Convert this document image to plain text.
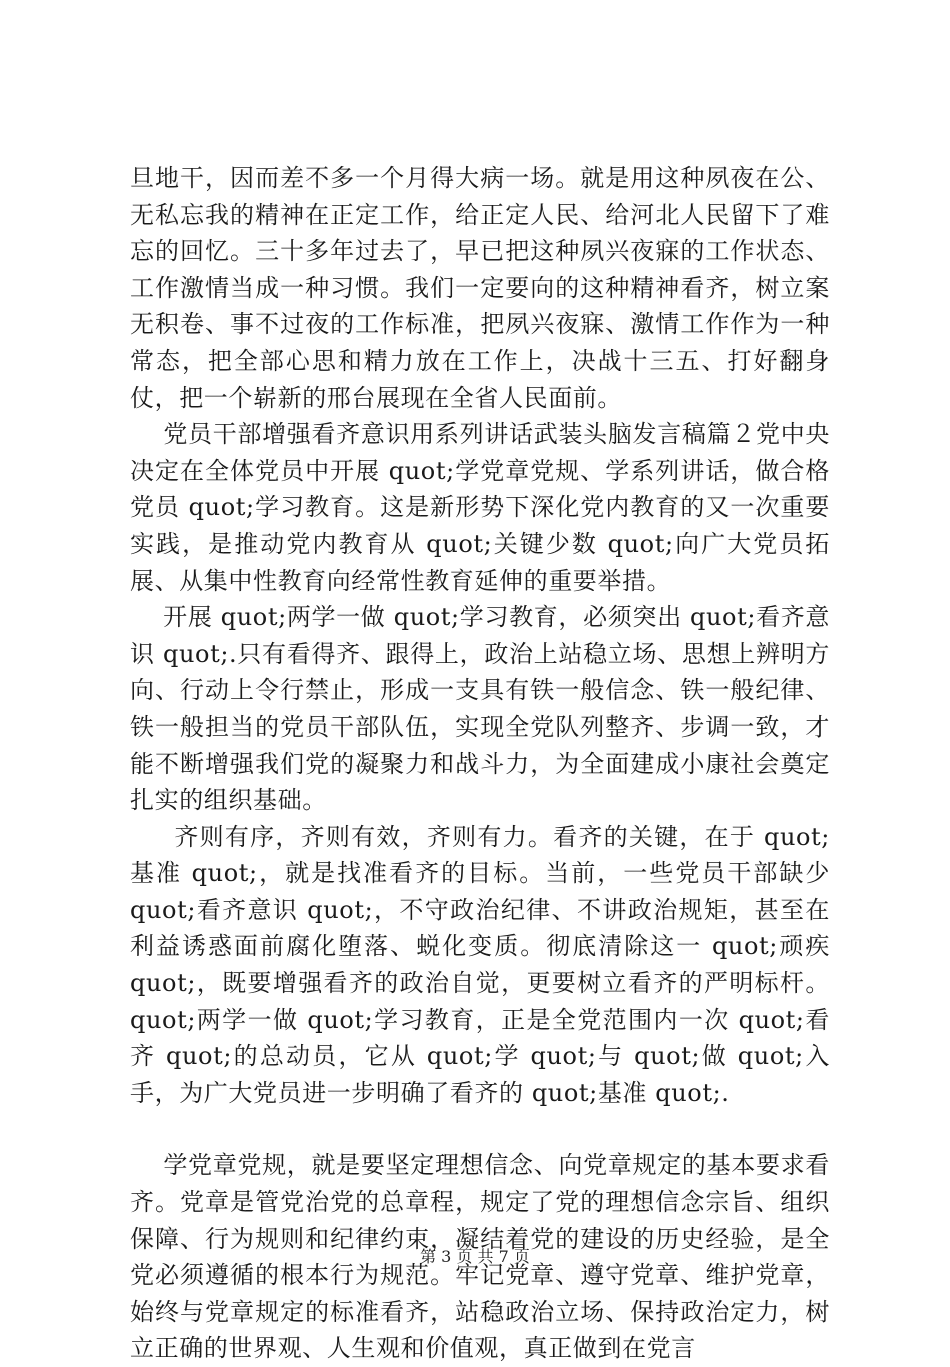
旦地干，因而差不多一个月得大病一场。就是用这种夙夜在公、无私忘我的精神在正定工作，给正定人民、给河北人民留下了难忘的回忆。三十多年过去了，早已把这种夙兴夜寐的工作状态、工作激情当成一种习惯。我们一定要向的这种精神看齐，树立案无积卷、事不过夜的工作标准，把夙兴夜寐、激情工作作为一种常态，把全部心思和精力放在工作上，决战十三五、打好翻身仗，把一个崭新的邢台展现在全省人民面前。

党员干部增强看齐意识用系列讲话武装头脑发言稿篇２党中央决定在全体党员中开展 quot;学党章党规、学系列讲话，做合格党员 quot;学习教育。这是新形势下深化党内教育的又一次重要实践，是推动党内教育从 quot;关键少数 quot;向广大党员拓展、从集中性教育向经常性教育延伸的重要举措。

开展 quot;两学一做 quot;学习教育，必须突出 quot;看齐意识 quot;.只有看得齐、跟得上，政治上站稳立场、思想上辨明方向、行动上令行禁止，形成一支具有铁一般信念、铁一般纪律、铁一般担当的党员干部队伍，实现全党队列整齐、步调一致，才能不断增强我们党的凝聚力和战斗力，为全面建成小康社会奠定扎实的组织基础。

齐则有序，齐则有效，齐则有力。看齐的关键，在于 quot;基准 quot;，就是找准看齐的目标。当前，一些党员干部缺少 quot;看齐意识 quot;，不守政治纪律、不讲政治规矩，甚至在利益诱惑面前腐化堕落、蜕化变质。彻底清除这一 quot;顽疾 quot;，既要增强看齐的政治自觉，更要树立看齐的严明标杆。quot;两学一做 quot;学习教育，正是全党范围内一次 quot;看齐 quot;的总动员，它从 quot;学 quot;与 quot;做 quot;入手，为广大党员进一步明确了看齐的 quot;基准 quot;.

学党章党规，就是要坚定理想信念、向党章规定的基本要求看齐。党章是管党治党的总章程，规定了党的理想信念宗旨、组织保障、行为规则和纪律约束，凝结着党的建设的历史经验，是全党必须遵循的根本行为规范。牢记党章、遵守党章、维护党章，始终与党章规定的标准看齐，站稳政治立场、保持政治定力，树立正确的世界观、人生观和价值观，真正做到在党言

第 3 页 共 7 页
